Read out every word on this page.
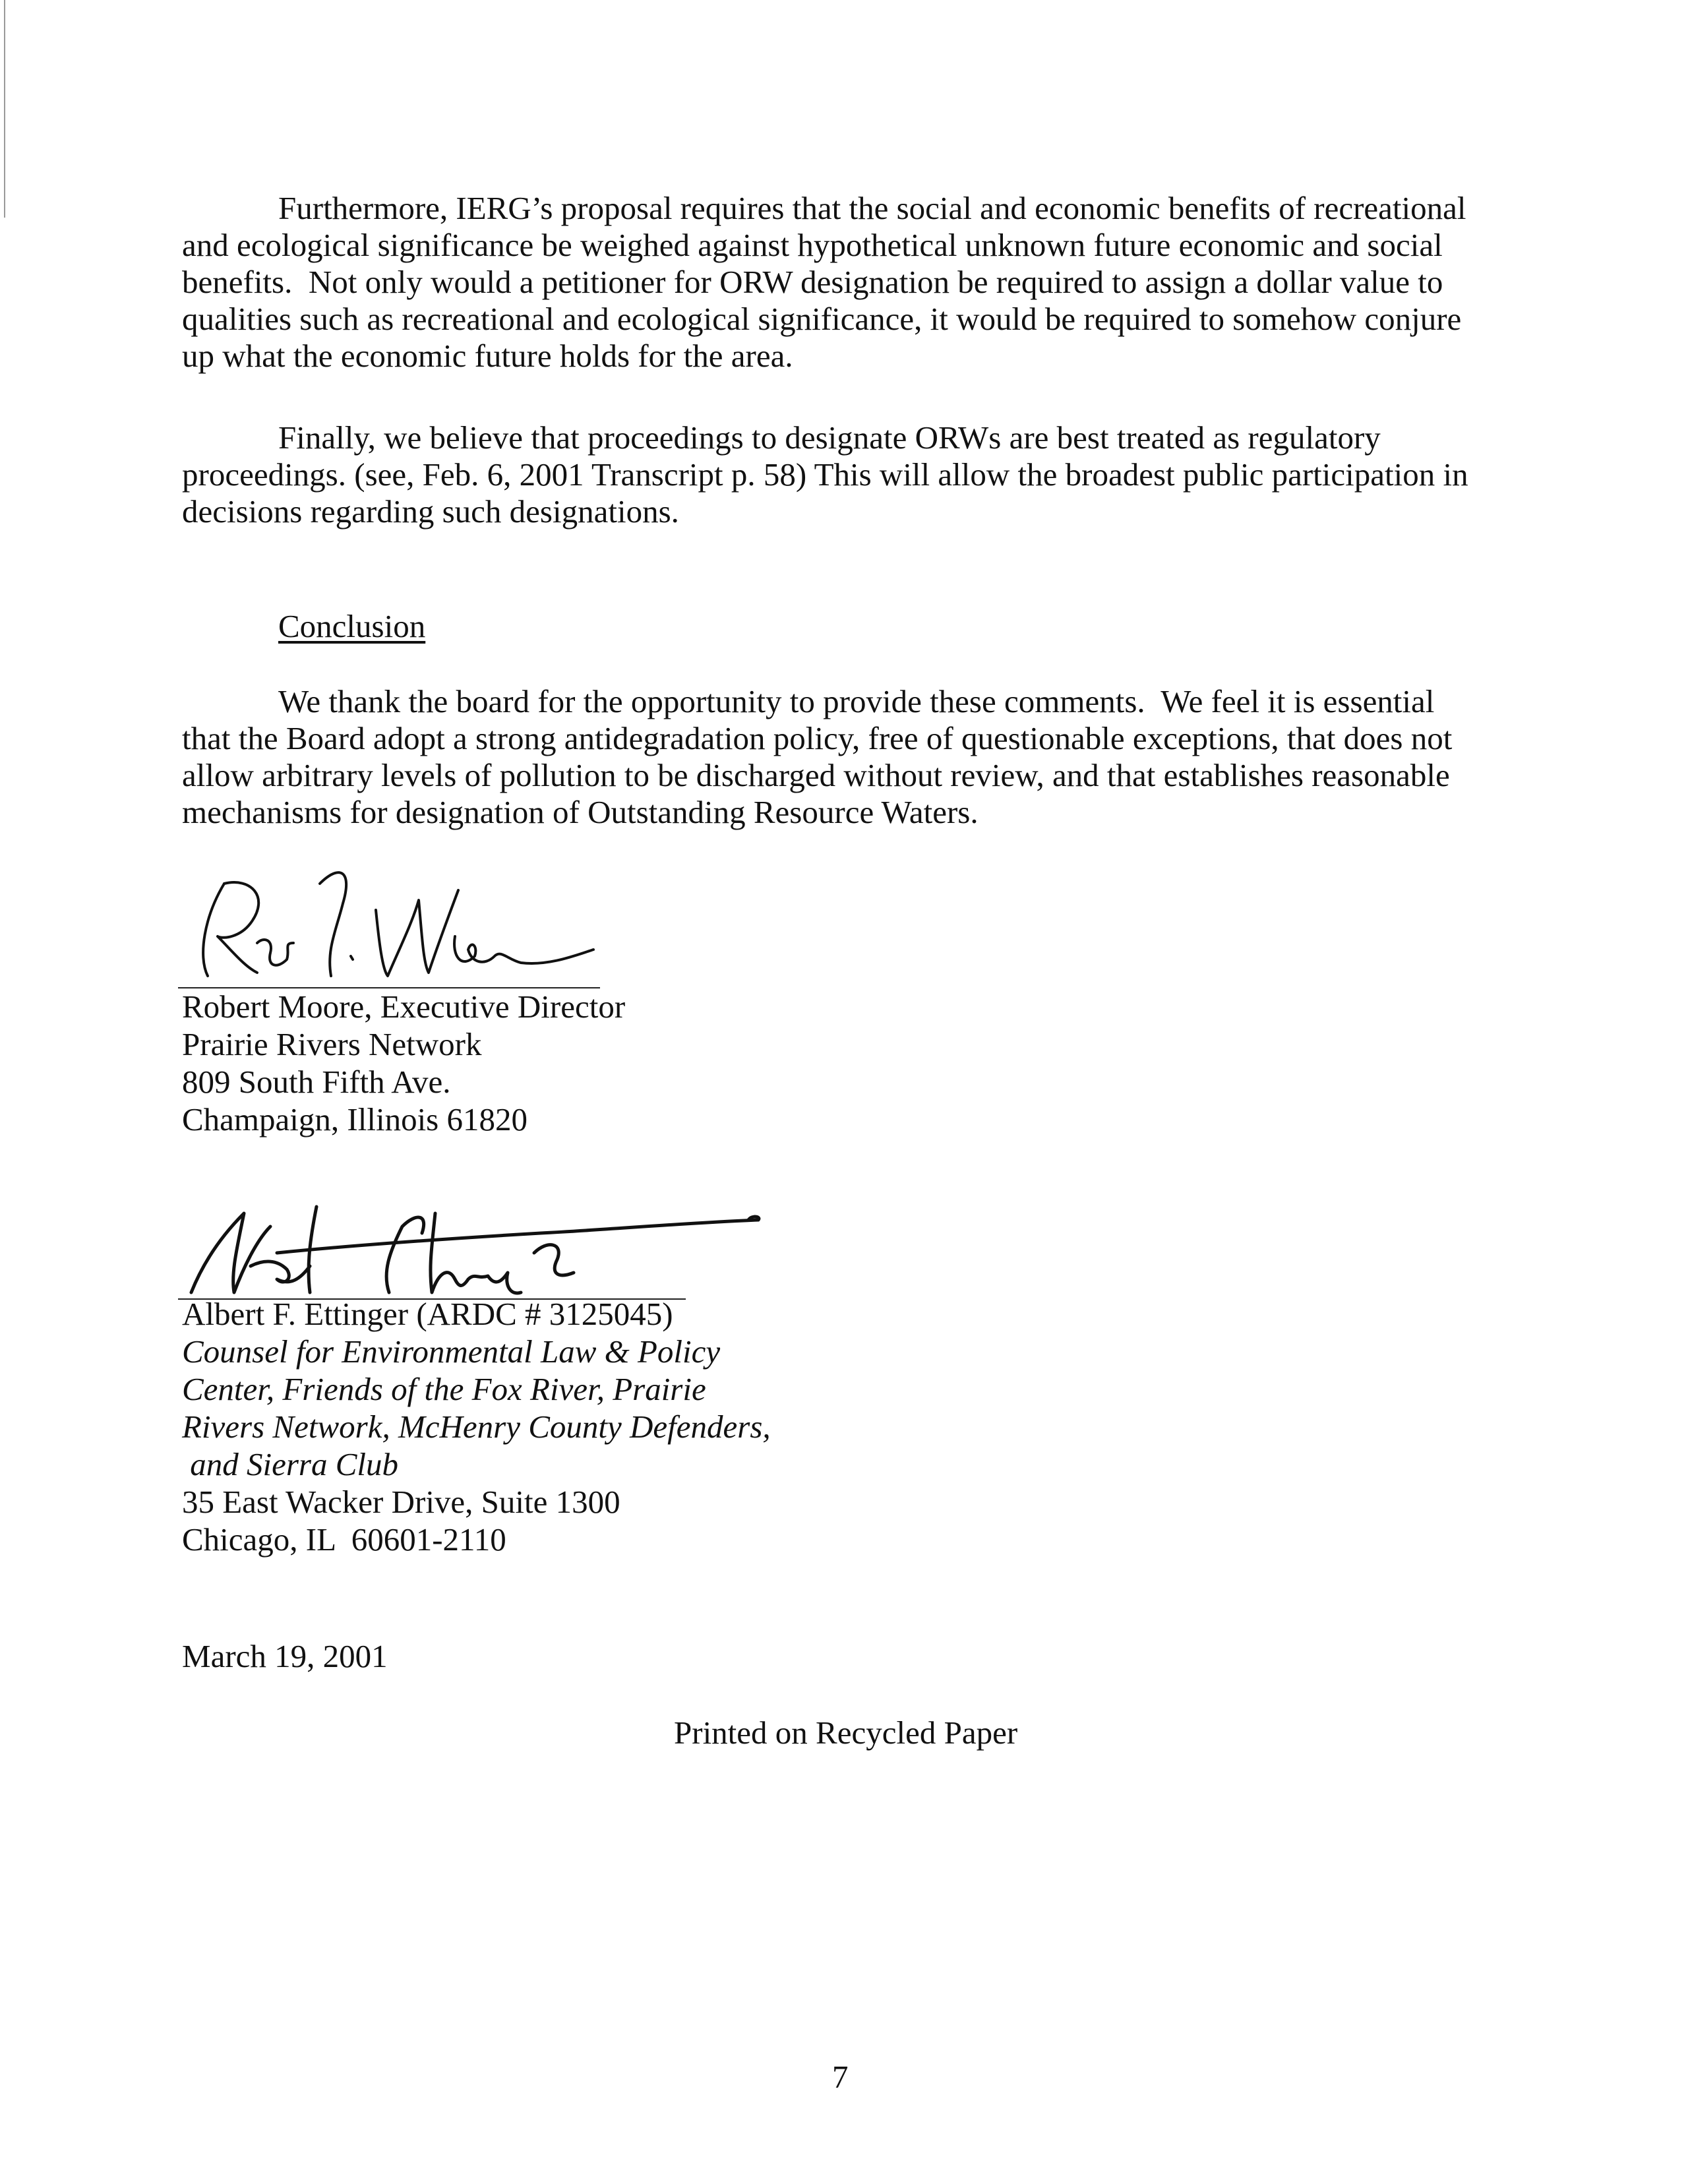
Furthermore, IERG’s proposal requires that the social and economic benefits of recreational
and ecological significance be weighed against hypothetical unknown future economic and social
benefits.  Not only would a petitioner for ORW designation be required to assign a dollar value to
qualities such as recreational and ecological significance, it would be required to somehow conjure
up what the economic future holds for the area.
Finally, we believe that proceedings to designate ORWs are best treated as regulatory
proceedings. (see, Feb. 6, 2001 Transcript p. 58) This will allow the broadest public participation in
decisions regarding such designations.
Conclusion
We thank the board for the opportunity to provide these comments.  We feel it is essential
that the Board adopt a strong antidegradation policy, free of questionable exceptions, that does not
allow arbitrary levels of pollution to be discharged without review, and that establishes reasonable
mechanisms for designation of Outstanding Resource Waters.
Robert Moore, Executive Director
Prairie Rivers Network
809 South Fifth Ave.
Champaign, Illinois 61820
Albert F. Ettinger (ARDC # 3125045)
Counsel for Environmental Law & Policy
Center, Friends of the Fox River, Prairie
Rivers Network, McHenry County Defenders,
and Sierra Club
35 East Wacker Drive, Suite 1300
Chicago, IL  60601-2110
March 19, 2001
Printed on Recycled Paper
7
